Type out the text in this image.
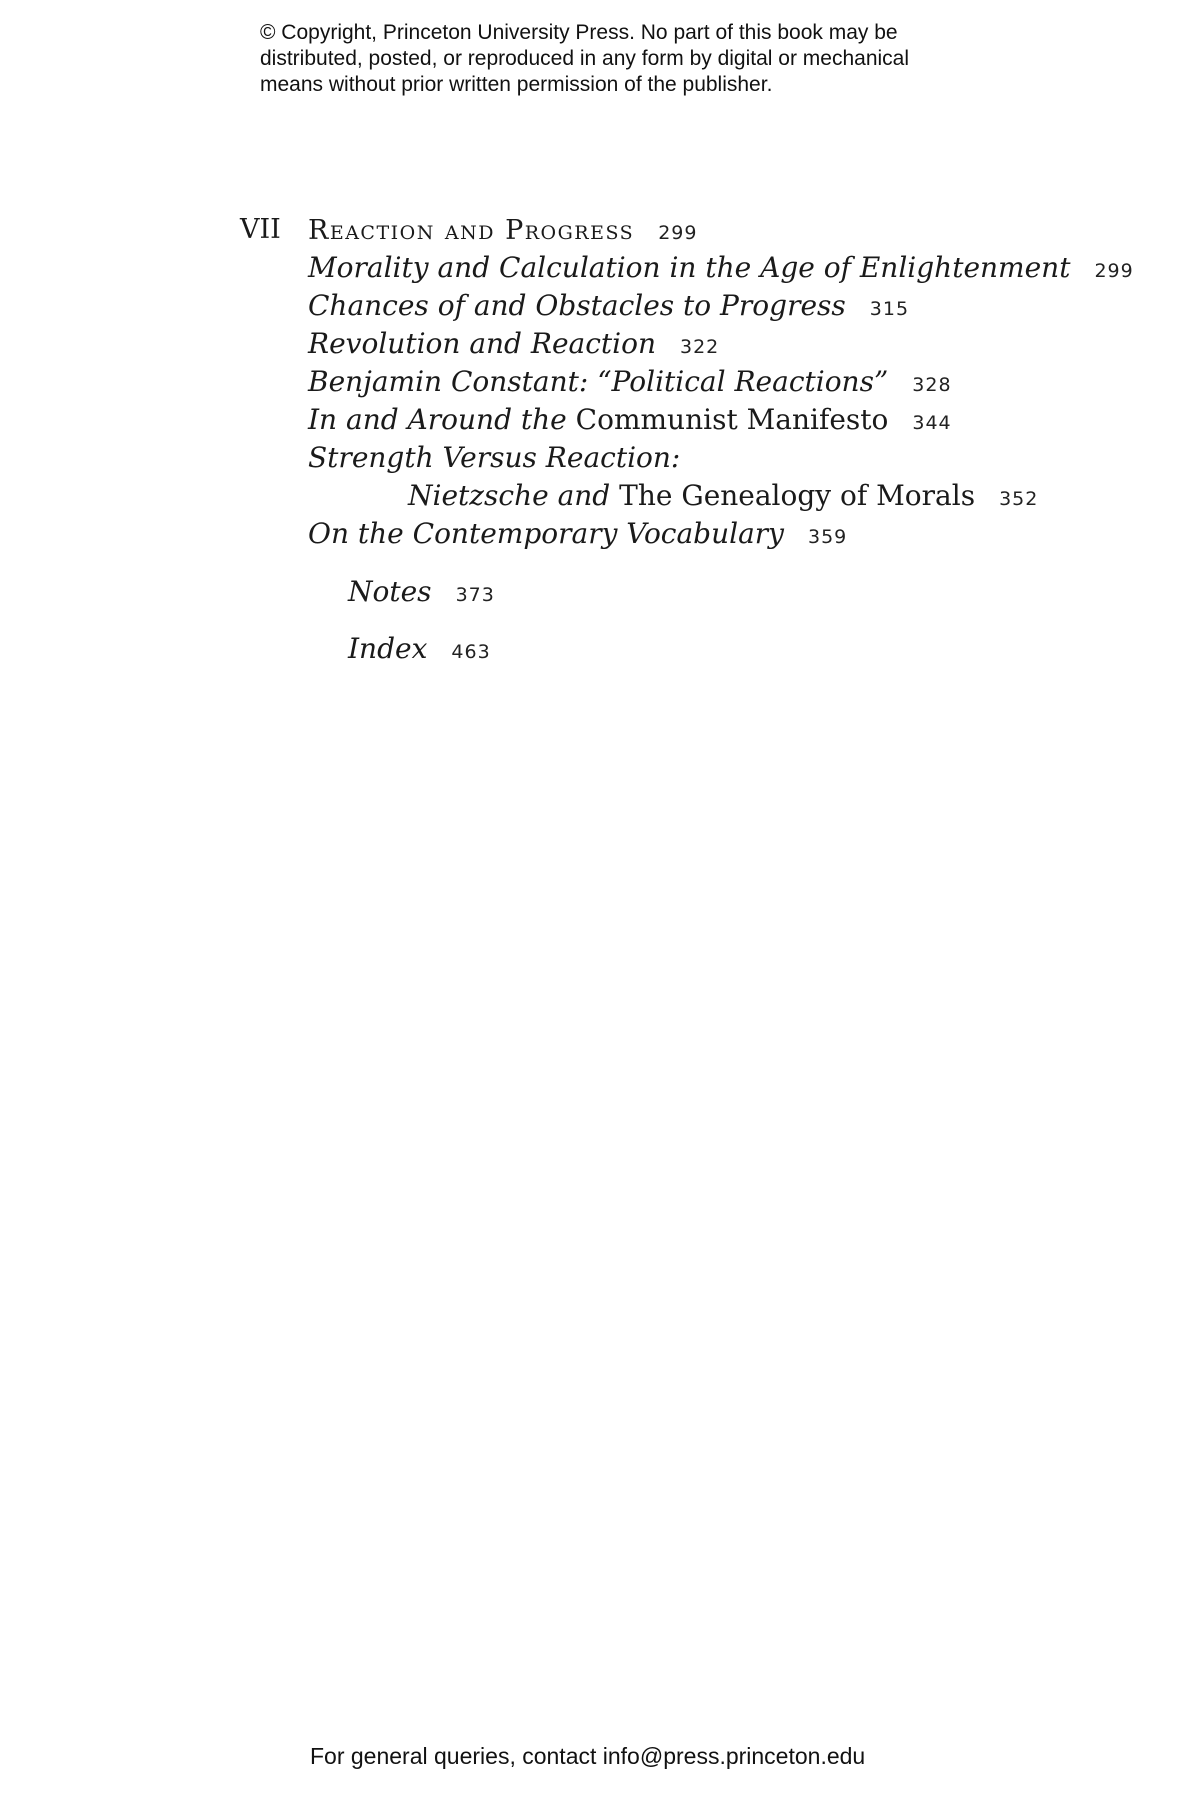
© Copyright, Princeton University Press. No part of this book may be
distributed, posted, or reproduced in any form by digital or mechanical
means without prior written permission of the publisher.
VII Reaction and Progress 299
Morality and Calculation in the Age of Enlightenment 299
Chances of and Obstacles to Progress 315
Revolution and Reaction 322
Benjamin Constant: “Political Reactions” 328
In and Around the Communist Manifesto 344
Strength Versus Reaction:
Nietzsche and The Genealogy of Morals 352
On the Contemporary Vocabulary 359
Notes 373
Index 463
For general queries, contact info@press.princeton.edu
